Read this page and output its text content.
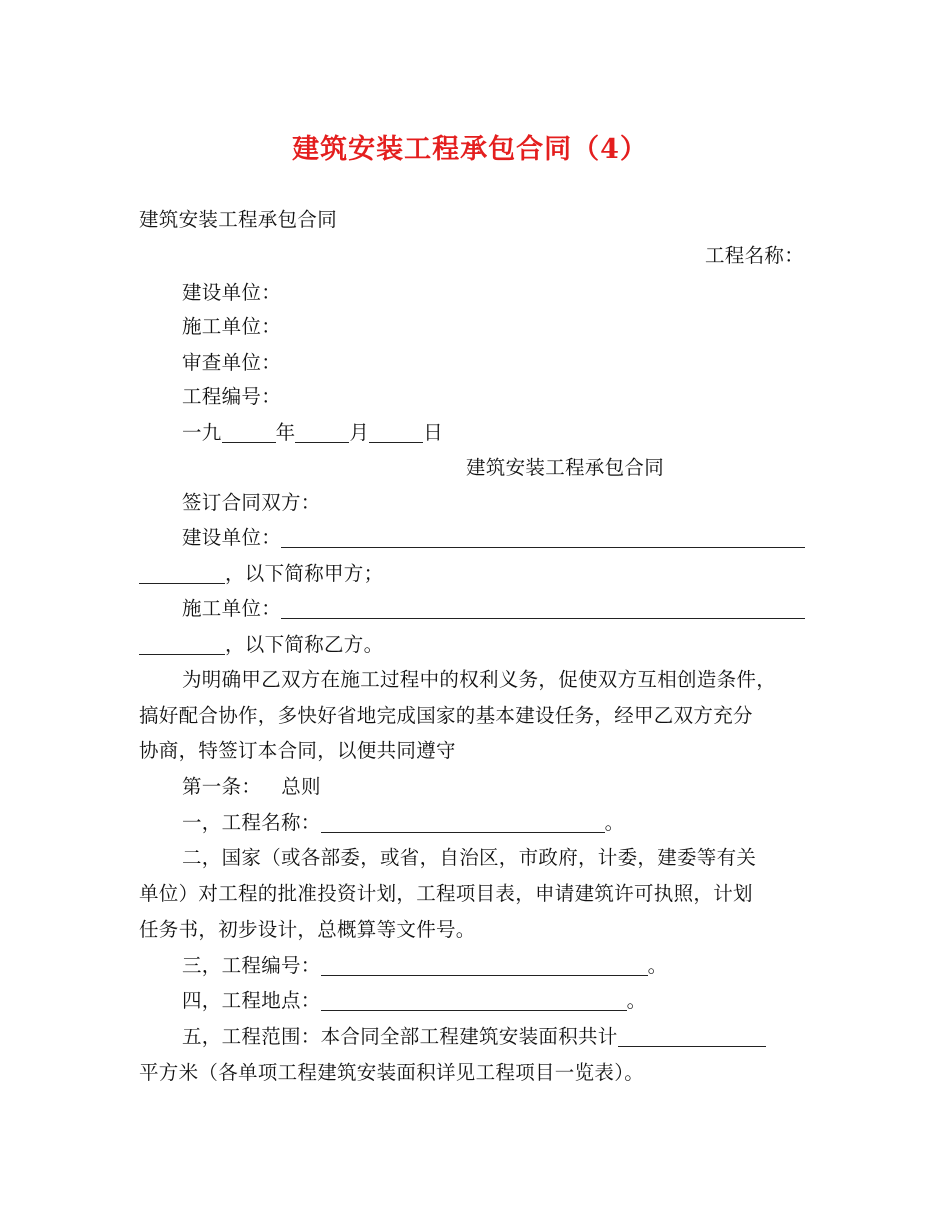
建筑安装工程承包合同（4）
建筑安装工程承包合同
工程名称：
建设单位：
施工单位：
审查单位：
工程编号：
一九	年	月	日
建筑安装工程承包合同
签订合同双方：
建设单位：
，以下简称甲方；
施工单位：
，以下简称乙方。
为明确甲乙双方在施工过程中的权利义务，促使双方互相创造条件，
搞好配合协作，多快好省地完成国家的基本建设任务，经甲乙双方充分
协商，特签订本合同，以便共同遵守
第一条： 总则
一，工程名称：	。
二，国家（或各部委，或省，自治区，市政府，计委，建委等有关
单位）对工程的批准投资计划，工程项目表，申请建筑许可执照，计划
任务书，初步设计，总概算等文件号。
三，工程编号：	。
四，工程地点：	。
五，工程范围：本合同全部工程建筑安装面积共计
平方米（各单项工程建筑安装面积详见工程项目一览表）。
